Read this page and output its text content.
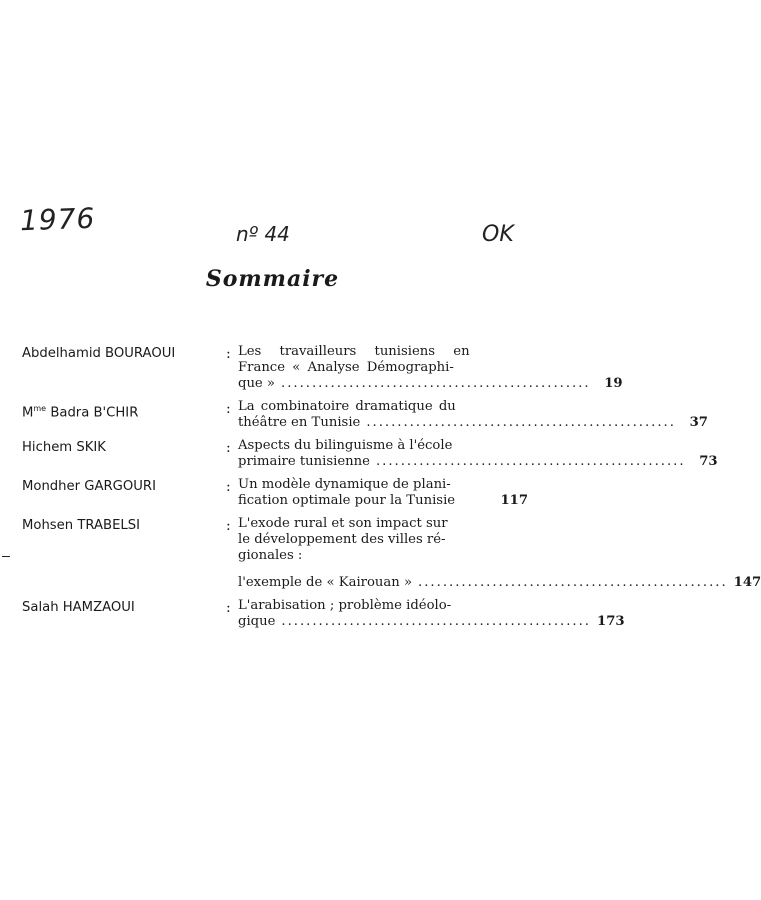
1976	nº 44	OK
Sommaire
Abdelhamid BOURAOUI	: Les travailleurs tunisiens en
France « Analyse Démographi-
que » ..................................................	19
$M^{me}$ Badra B'CHIR	: La combinatoire dramatique du
théâtre en Tunisie ..................................................	37
Hichem SKIK	: Aspects du bilinguisme à l'école
primaire tunisienne ..................................................	73
Mondher GARGOURI	: Un modèle dynamique de plani-
fication optimale pour la Tunisie	117
Mohsen TRABELSI	: L'exode rural et son impact sur
le développement des villes ré-
gionales :
l'exemple de « Kairouan » .................................................. 147
Salah HAMZAOUI	: L'arabisation ; problème idéolo-
gique .................................................. 173
